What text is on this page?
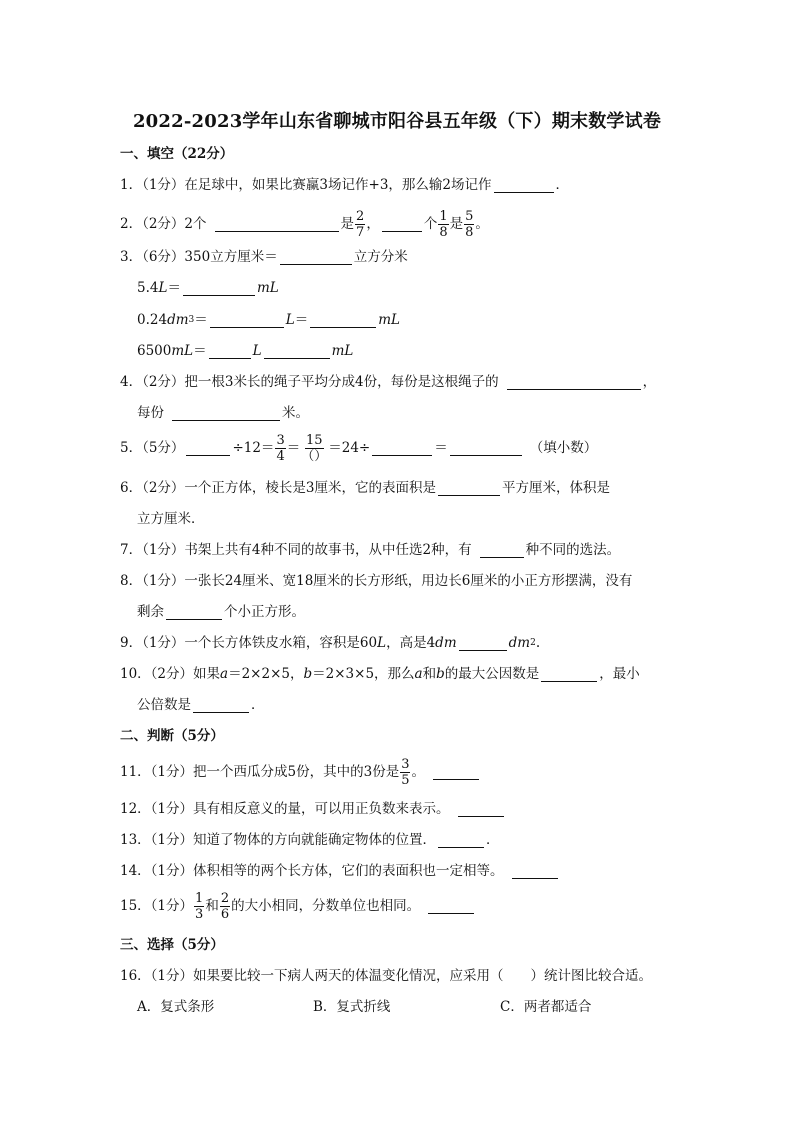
2022-2023学年山东省聊城市阳谷县五年级（下）期末数学试卷
一、填空（22分）
1．（1分）在足球中，如果比赛赢3场记作+3，那么输2场记作	．
2．（2分）2个	是 $\frac{2}{7}$ ，	个 $\frac{1}{8}$ 是 $\frac{5}{8}$ 。
3．（6分）350立方厘米＝	立方分米
5.4 L ＝	mL
0.24 dm 3 ＝	L ＝	mL
6500 mL ＝	L	mL
4．（2分）把一根3米长的绳子平均分成4份，每份是这根绳子的	，
每份	米。
5．（5分）	$\div 12= \frac{3}{4} = \frac{15}{()} =24\div$	＝	（填小数）
6．（2分）一个正方体，棱长是3厘米，它的表面积是	平方厘米，体积是
立方厘米．
7．（1分）书架上共有4种不同的故事书，从中任选2种，有	种不同的选法。
8．（1分）一张长24厘米、宽18厘米的长方形纸，用边长6厘米的小正方形摆满，没有
剩余	个小正方形。
9．（1分）一个长方体铁皮水箱，容积是60 L ，高是4 dm	dm 2 .
10．（2分）如果 a ＝2×2×5， b ＝2×3×5，那么 a 和 b 的最大公因数是	，最小
公倍数是	．
二、判断（5分）
11．（1分）把一个西瓜分成5份，其中的3份是 $\frac{3}{5}$ 。
12．（1分）具有相反意义的量，可以用正负数来表示。
13．（1分）知道了物体的方向就能确定物体的位置．	．
14．（1分）体积相等的两个长方体，它们的表面积也一定相等。
15．（1分） $\frac{1}{3}$ 和 $\frac{2}{6}$ 的大小相同，分数单位也相同。
三、选择（5分）
16．（1分）如果要比较一下病人两天的体温变化情况，应采用（　　）统计图比较合适。
A．复式条形	B．复式折线	C．两者都适合
